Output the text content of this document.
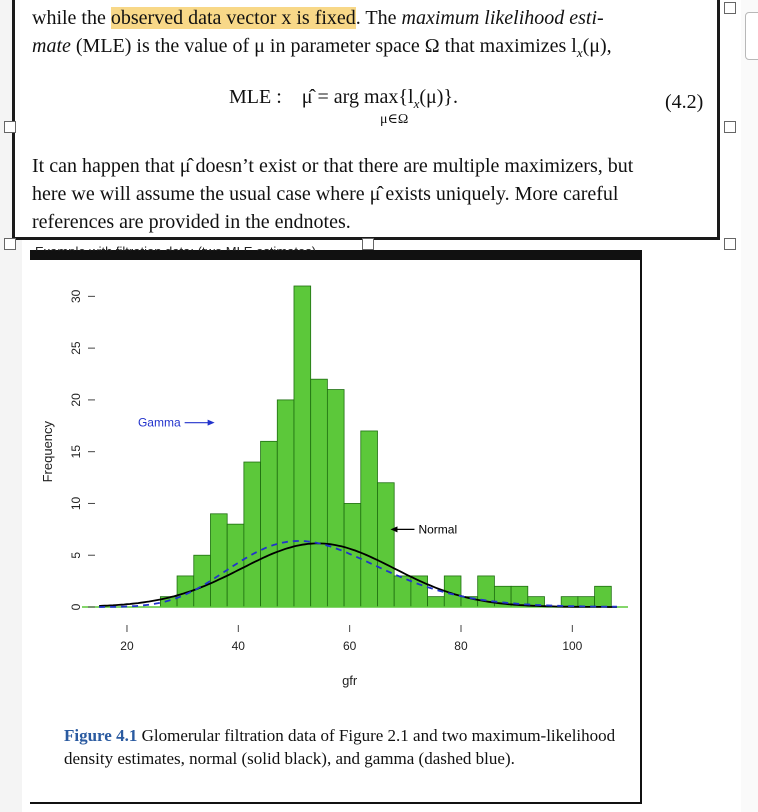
while the observed data vector x is fixed. The maximum likelihood esti-
mate (MLE) is the value of μ in parameter space Ω that maximizes $l_x(\mu)$,
MLE : μ̂ = arg $\max\{l_x(\mu)\}$.
μ∈Ω
(4.2)
It can happen that μ̂ doesn’t exist or that there are multiple maximizers, but
here we will assume the usual case where μ̂ exists uniquely. More careful
references are provided in the endnotes.
20	40	60	80	100
0
5
10
15
20
25
30
gfr
Frequency	Gamma
Normal
Figure 4.1 Glomerular filtration data of Figure 2.1 and two maximum-likelihood density estimates, normal (solid black), and gamma (dashed blue).
